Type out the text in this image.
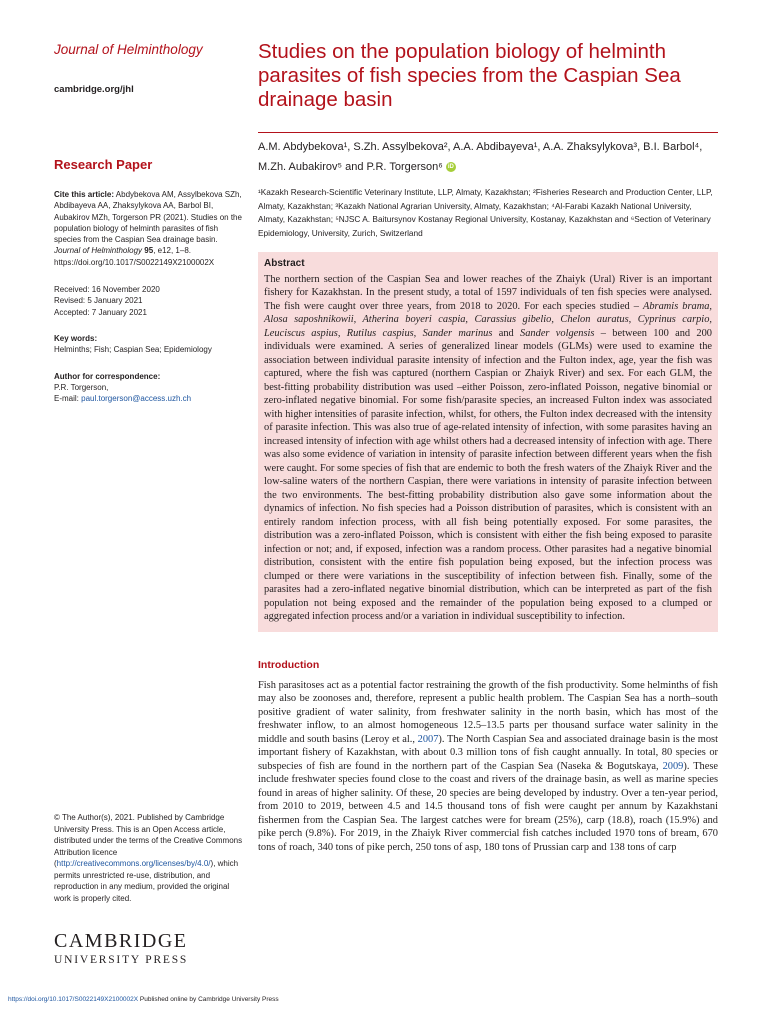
Journal of Helminthology
cambridge.org/jhl
Research Paper
Cite this article: Abdybekova AM, Assylbekova SZh, Abdibayeva AA, Zhaksylykova AA, Barbol BI, Aubakirov MZh, Torgerson PR (2021). Studies on the population biology of helminth parasites of fish species from the Caspian Sea drainage basin. Journal of Helminthology 95, e12, 1–8. https://doi.org/10.1017/S0022149X2100002X
Received: 16 November 2020
Revised: 5 January 2021
Accepted: 7 January 2021
Key words:
Helminths; Fish; Caspian Sea; Epidemiology
Author for correspondence:
P.R. Torgerson,
E-mail: paul.torgerson@access.uzh.ch
© The Author(s), 2021. Published by Cambridge University Press. This is an Open Access article, distributed under the terms of the Creative Commons Attribution licence (http://creativecommons.org/licenses/by/4.0/), which permits unrestricted re-use, distribution, and reproduction in any medium, provided the original work is properly cited.
CAMBRIDGE
UNIVERSITY PRESS
Studies on the population biology of helminth parasites of fish species from the Caspian Sea drainage basin
A.M. Abdybekova¹, S.Zh. Assylbekova², A.A. Abdibayeva¹, A.A. Zhaksylykova³, B.I. Barbol⁴, M.Zh. Aubakirov⁵ and P.R. Torgerson⁶ iD
¹Kazakh Research-Scientific Veterinary Institute, LLP, Almaty, Kazakhstan; ²Fisheries Research and Production Center, LLP, Almaty, Kazakhstan; ³Kazakh National Agrarian University, Almaty, Kazakhstan; ⁴Al-Farabi Kazakh National University, Almaty, Kazakhstan; ⁵NJSC A. Baitursynov Kostanay Regional University, Kostanay, Kazakhstan and ⁶Section of Veterinary Epidemiology, University, Zurich, Switzerland
Abstract
The northern section of the Caspian Sea and lower reaches of the Zhaiyk (Ural) River is an important fishery for Kazakhstan. In the present study, a total of 1597 individuals of ten fish species were analysed. The fish were caught over three years, from 2018 to 2020. For each species studied – Abramis brama, Alosa saposhnikowii, Atherina boyeri caspia, Carassius gibelio, Chelon auratus, Cyprinus carpio, Leuciscus aspius, Rutilus caspius, Sander marinus and Sander volgensis – between 100 and 200 individuals were examined. A series of generalized linear models (GLMs) were used to examine the association between individual parasite intensity of infection and the Fulton index, age, year the fish was captured, where the fish was captured (northern Caspian or Zhaiyk River) and sex. For each GLM, the best-fitting probability distribution was used –either Poisson, zero-inflated Poisson, negative binomial or zero-inflated negative binomial. For some fish/parasite species, an increased Fulton index was associated with higher intensities of parasite infection, whilst, for others, the Fulton index decreased with the intensity of parasite infection. This was also true of age-related intensity of infection, with some parasites having an increased intensity of infection with age whilst others had a decreased intensity of infection with age. There was also some evidence of variation in intensity of parasite infection between different years when the fish were caught. For some species of fish that are endemic to both the fresh waters of the Zhaiyk River and the low-saline waters of the northern Caspian, there were variations in intensity of parasite infection between the two environments. The best-fitting probability distribution also gave some information about the dynamics of infection. No fish species had a Poisson distribution of parasites, which is consistent with an entirely random infection process, with all fish being potentially exposed. For some parasites, the distribution was a zero-inflated Poisson, which is consistent with either the fish being exposed to parasite infection or not; and, if exposed, infection was a random process. Other parasites had a negative binomial distribution, consistent with the entire fish population being exposed, but the infection process was clumped or there were variations in the susceptibility of infection between fish. Finally, some of the parasites had a zero-inflated negative binomial distribution, which can be interpreted as part of the fish population not being exposed and the remainder of the population being exposed to a clumped or aggregated infection process and/or a variation in individual susceptibility to infection.
Introduction
Fish parasitoses act as a potential factor restraining the growth of the fish productivity. Some helminths of fish may also be zoonoses and, therefore, represent a public health problem. The Caspian Sea has a north–south positive gradient of water salinity, from freshwater salinity in the north basin, which has most of the freshwater inflow, to an almost homogeneous 12.5–13.5 parts per thousand surface water salinity in the middle and south basins (Leroy et al., 2007). The North Caspian Sea and associated drainage basin is the most important fishery of Kazakhstan, with about 0.3 million tons of fish caught annually. In total, 80 species or subspecies of fish are found in the northern part of the Caspian Sea (Naseka & Bogutskaya, 2009). These include freshwater species found close to the coast and rivers of the drainage basin, as well as marine species found in areas of higher salinity. Of these, 20 species are being developed by industry. Over a ten-year period, from 2010 to 2019, between 4.5 and 14.5 thousand tons of fish were caught per annum by Kazakhstani fishermen from the Caspian Sea. The largest catches were for bream (25%), carp (18.8), roach (15.9%) and pike perch (9.8%). For 2019, in the Zhaiyk River commercial fish catches included 1970 tons of bream, 670 tons of roach, 340 tons of pike perch, 250 tons of asp, 180 tons of Prussian carp and 138 tons of carp
https://doi.org/10.1017/S0022149X2100002X Published online by Cambridge University Press
